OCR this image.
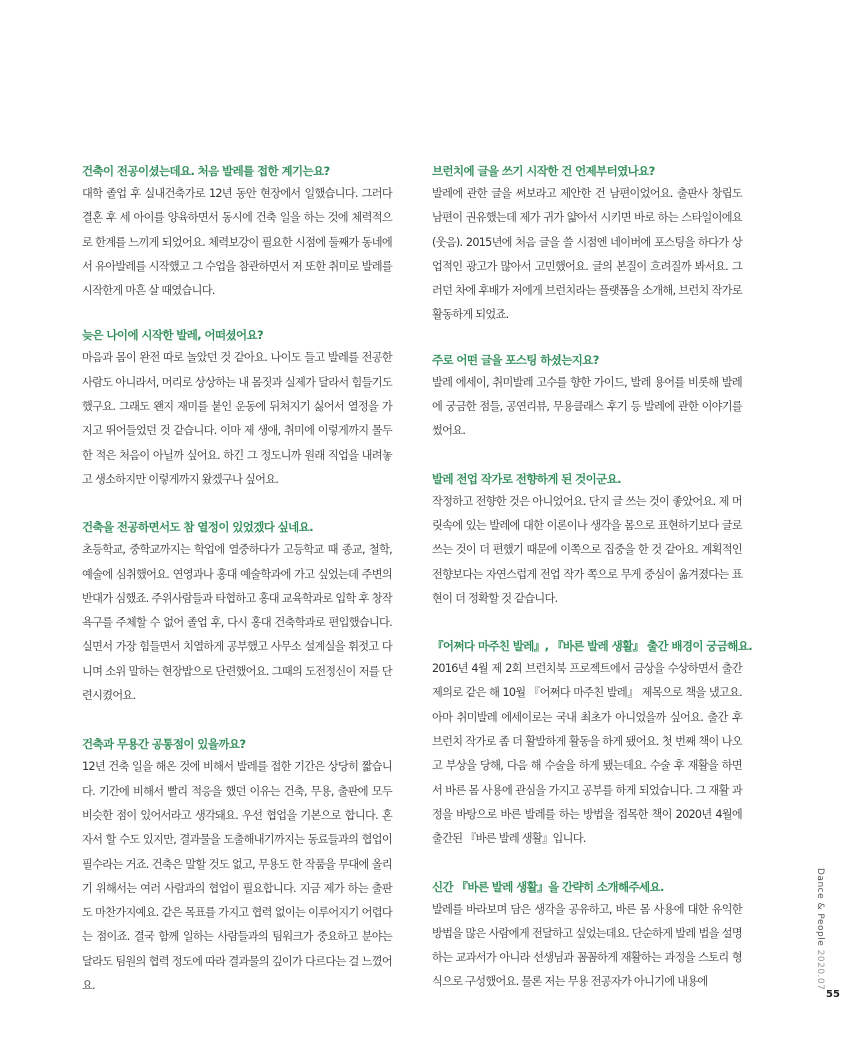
건축이 전공이셨는데요. 처음 발레를 접한 계기는요?
대학 졸업 후 실내건축가로 12년 동안 현장에서 일했습니다. 그러다 결혼 후 세 아이를 양육하면서 동시에 건축 일을 하는 것에 체력적으로 한계를 느끼게 되었어요. 체력보강이 필요한 시점에 둘째가 동네에서 유아발레를 시작했고 그 수업을 참관하면서 저 또한 취미로 발레를 시작한게 마흔 살 때였습니다.
늦은 나이에 시작한 발레, 어떠셨어요?
마음과 몸이 완전 따로 놀았던 것 같아요. 나이도 들고 발레를 전공한 사람도 아니라서, 머리로 상상하는 내 몸짓과 실제가 달라서 힘들기도 했구요. 그래도 왠지 재미를 붙인 운동에 뒤쳐지기 싫어서 열정을 가지고 뛰어들었던 것 같습니다. 이마 제 생애, 취미에 이렇게까지 몰두한 적은 처음이 아닐까 싶어요. 하긴 그 정도니까 원래 직업을 내려놓고 생소하지만 이렇게까지 왔겠구나 싶어요.
건축을 전공하면서도 참 열정이 있었겠다 싶네요.
초등학교, 중학교까지는 학업에 열중하다가 고등학교 때 종교, 철학, 예술에 심취했어요. 연영과나 홍대 예술학과에 가고 싶었는데 주변의 반대가 심했죠. 주위사람들과 타협하고 홍대 교육학과로 입학 후 창작 욕구를 주체할 수 없어 졸업 후, 다시 홍대 건축학과로 편입했습니다. 실면서 가장 힘들면서 치열하게 공부했고 사무소 설계실을 휘젓고 다니며 소위 말하는 현장밥으로 단련했어요. 그때의 도전정신이 저를 단련시켰어요.
건축과 무용간 공통점이 있을까요?
12년 건축 일을 해온 것에 비해서 발레를 접한 기간은 상당히 짧습니다. 기간에 비해서 빨리 적응을 했던 이유는 건축, 무용, 출판에 모두 비슷한 점이 있어서라고 생각돼요. 우선 협업을 기본으로 합니다. 혼자서 할 수도 있지만, 결과물을 도출해내기까지는 동료들과의 협업이 필수라는 거죠. 건축은 말할 것도 없고, 무용도 한 작품을 무대에 올리기 위해서는 여러 사람과의 협업이 필요합니다. 지금 제가 하는 출판도 마찬가지예요. 같은 목표를 가지고 협력 없이는 이루어지기 어렵다는 점이죠. 결국 함께 일하는 사람들과의 팀워크가 중요하고 분야는 달라도 팀원의 협력 정도에 따라 결과물의 깊이가 다르다는 걸 느꼈어요.
브런치에 글을 쓰기 시작한 건 언제부터였나요?
발레에 관한 글을 써보라고 제안한 건 남편이었어요. 출판사 창립도 남편이 권유했는데 제가 귀가 얇아서 시키면 바로 하는 스타일이에요(웃음). 2015년에 처음 글을 쓸 시점엔 네이버에 포스팅을 하다가 상업적인 광고가 많아서 고민했어요. 글의 본질이 흐려질까 봐서요. 그러던 차에 후배가 저에게 브런치라는 플랫폼을 소개해, 브런치 작가로 활동하게 되었죠.
주로 어떤 글을 포스팅 하셨는지요?
발레 에세이, 취미발레 고수를 향한 가이드, 발레 용어를 비롯해 발레에 궁금한 점들, 공연리뷰, 무용클래스 후기 등 발레에 관한 이야기를 썼어요.
발레 전업 작가로 전향하게 된 것이군요.
작정하고 전향한 것은 아니었어요. 단지 글 쓰는 것이 좋았어요. 제 머릿속에 있는 발레에 대한 이론이나 생각을 몸으로 표현하기보다 글로 쓰는 것이 더 편했기 때문에 이쪽으로 집중을 한 것 같아요. 계획적인 전향보다는 자연스럽게 전업 작가 쪽으로 무게 중심이 옮겨졌다는 표현이 더 정확할 것 같습니다.
『어쩌다 마주친 발레』, 『바른 발레 생활』 출간 배경이 궁금해요.
2016년 4월 제 2회 브런치북 프로젝트에서 금상을 수상하면서 출간제의로 같은 해 10월 『어쩌다 마주친 발레』 제목으로 책을 냈고요. 아마 취미발레 에세이로는 국내 최초가 아니었을까 싶어요. 출간 후 브런치 작가로 좀 더 활발하게 활동을 하게 됐어요. 첫 번째 책이 나오고 부상을 당해, 다음 해 수술을 하게 됐는데요. 수술 후 재활을 하면서 바른 몸 사용에 관심을 가지고 공부를 하게 되었습니다. 그 재활 과정을 바탕으로 바른 발레를 하는 방법을 접목한 책이 2020년 4월에 출간된 『바른 발레 생활』입니다.
신간 『바른 발레 생활』을 간략히 소개해주세요.
발레를 바라보며 담은 생각을 공유하고, 바른 몸 사용에 대한 유익한 방법을 많은 사람에게 전달하고 싶었는데요. 단순하게 발레 법을 설명하는 교과서가 아니라 선생님과 꼼꼼하게 재활하는 과정을 스토리 형식으로 구성했어요. 물론 저는 무용 전공자가 아니기에 내용에
Dance & People 2020.07
55
